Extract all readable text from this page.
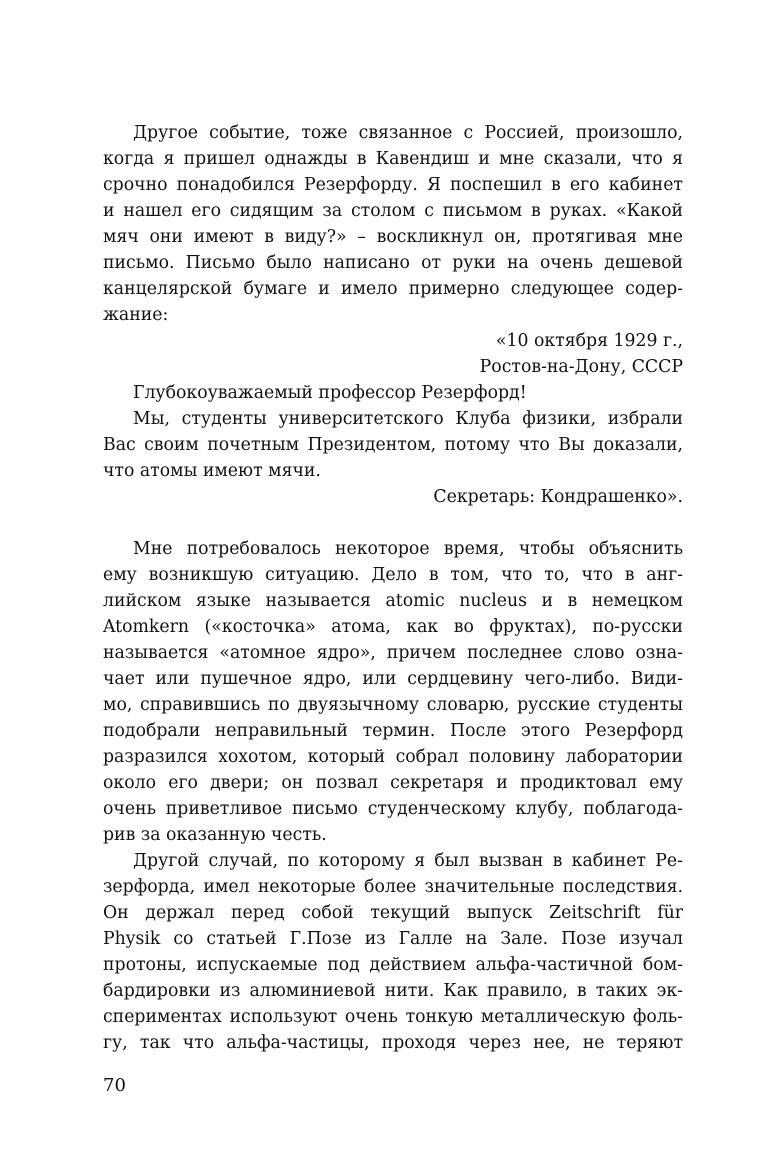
Другое событие, тоже связанное с Россией, произошло,
когда я пришел однажды в Кавендиш и мне сказали, что я
срочно понадобился Резерфорду. Я поспешил в его кабинет
и нашел его сидящим за столом с письмом в руках. «Какой
мяч они имеют в виду?» – воскликнул он, протягивая мне
письмо. Письмо было написано от руки на очень дешевой
канцелярской бумаге и имело примерно следующее содер-
жание:
«10 октября 1929 г.,
Ростов-на-Дону, СССР
Глубокоуважаемый профессор Резерфорд!
Мы, студенты университетского Клуба физики, избрали
Вас своим почетным Президентом, потому что Вы доказали,
что атомы имеют мячи.
Секретарь: Кондрашенко».
Мне потребовалось некоторое время, чтобы объяснить
ему возникшую ситуацию. Дело в том, что то, что в анг-
лийском языке называется atomic nucleus и в немецком
Atomkern («косточка» атома, как во фруктах), по-русски
называется «атомное ядро», причем последнее слово озна-
чает или пушечное ядро, или сердцевину чего-либо. Види-
мо, справившись по двуязычному словарю, русские студенты
подобрали неправильный термин. После этого Резерфорд
разразился хохотом, который собрал половину лаборатории
около его двери; он позвал секретаря и продиктовал ему
очень приветливое письмо студенческому клубу, поблагода-
рив за оказанную честь.
Другой случай, по которому я был вызван в кабинет Ре-
зерфорда, имел некоторые более значительные последствия.
Он держал перед собой текущий выпуск Zeitschrift für
Physik со статьей Г.Позе из Галле на Зале. Позе изучал
протоны, испускаемые под действием альфа-частичной бом-
бардировки из алюминиевой нити. Как правило, в таких эк-
спериментах используют очень тонкую металлическую фоль-
гу, так что альфа-частицы, проходя через нее, не теряют
70
